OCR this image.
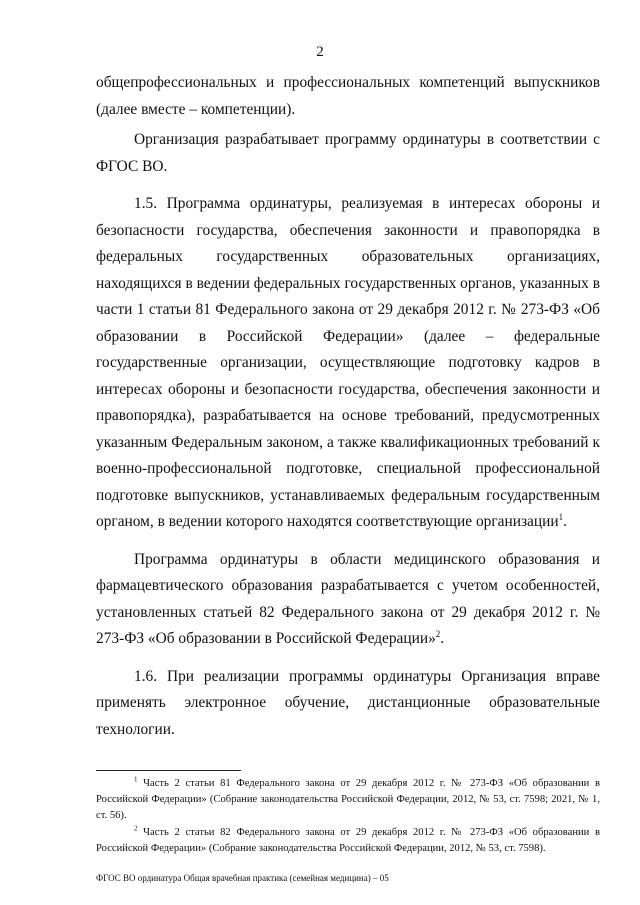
2

общепрофессиональных и профессиональных компетенций выпускников (далее вместе – компетенции).

Организация разрабатывает программу ординатуры в соответствии с ФГОС ВО.

1.5. Программа ординатуры, реализуемая в интересах обороны и безопасности государства, обеспечения законности и правопорядка в федеральных государственных образовательных организациях, находящихся в ведении федеральных государственных органов, указанных в части 1 статьи 81 Федерального закона от 29 декабря 2012 г. № 273-ФЗ «Об образовании в Российской Федерации» (далее – федеральные государственные организации, осуществляющие подготовку кадров в интересах обороны и безопасности государства, обеспечения законности и правопорядка), разрабатывается на основе требований, предусмотренных указанным Федеральным законом, а также квалификационных требований к военно-профессиональной подготовке, специальной профессиональной подготовке выпускников, устанавливаемых федеральным государственным органом, в ведении которого находятся соответствующие организации$^1$.

Программа ординатуры в области медицинского образования и фармацевтического образования разрабатывается с учетом особенностей, установленных статьей 82 Федерального закона от 29 декабря 2012 г. № 273-ФЗ «Об образовании в Российской Федерации»$^2$.

1.6. При реализации программы ординатуры Организация вправе применять электронное обучение, дистанционные образовательные технологии.

$^1$ Часть 2 статьи 81 Федерального закона от 29 декабря 2012 г. № 273-ФЗ «Об образовании в Российской Федерации» (Собрание законодательства Российской Федерации, 2012, № 53, ст. 7598; 2021, № 1, ст. 56).

$^2$ Часть 2 статьи 82 Федерального закона от 29 декабря 2012 г. № 273-ФЗ «Об образовании в Российской Федерации» (Собрание законодательства Российской Федерации, 2012, № 53, ст. 7598).

ФГОС ВО ординатура Общая врачебная практика (семейная медицина) – 05
